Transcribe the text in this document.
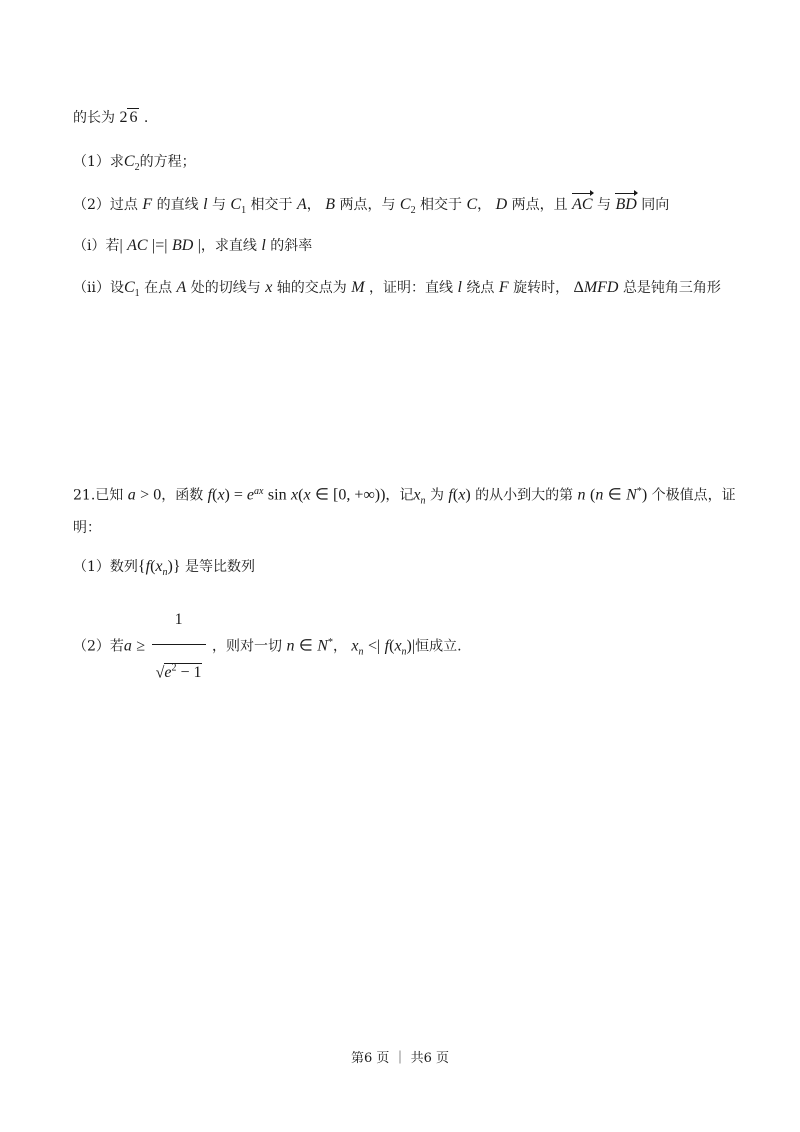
的长为 2 6 .
（1）求$C_2$的方程；
（2）过点 F 的直线 l 与 $C_1$ 相交于 A， B 两点，与 $C_2$ 相交于 C， D 两点，且 AC 与 BD 同向
（ⅰ）若| AC |=| BD |，求直线 l 的斜率
（ⅱ）设$C_1$ 在点 A 处的切线与 x 轴的交点为 M ，证明：直线 l 绕点 F 旋转时， ΔMFD 总是钝角三角形
21.已知 a > 0，函数 $f(x) = e^{ax}$ sin x(x ∈ [0, +∞))，记$x_n$ 为 f(x) 的从小到大的第 n (n ∈ N*) 个极值点，证
明：
（1）数列$\{f(x_n)\}$ 是等比数列
（2）若$a \ge \frac{1}{√e^2 - 1}$ ，则对一切 n ∈ N*， $x_n$ <| $f(x_n)|$恒成立.
第6 页 ｜ 共6 页
